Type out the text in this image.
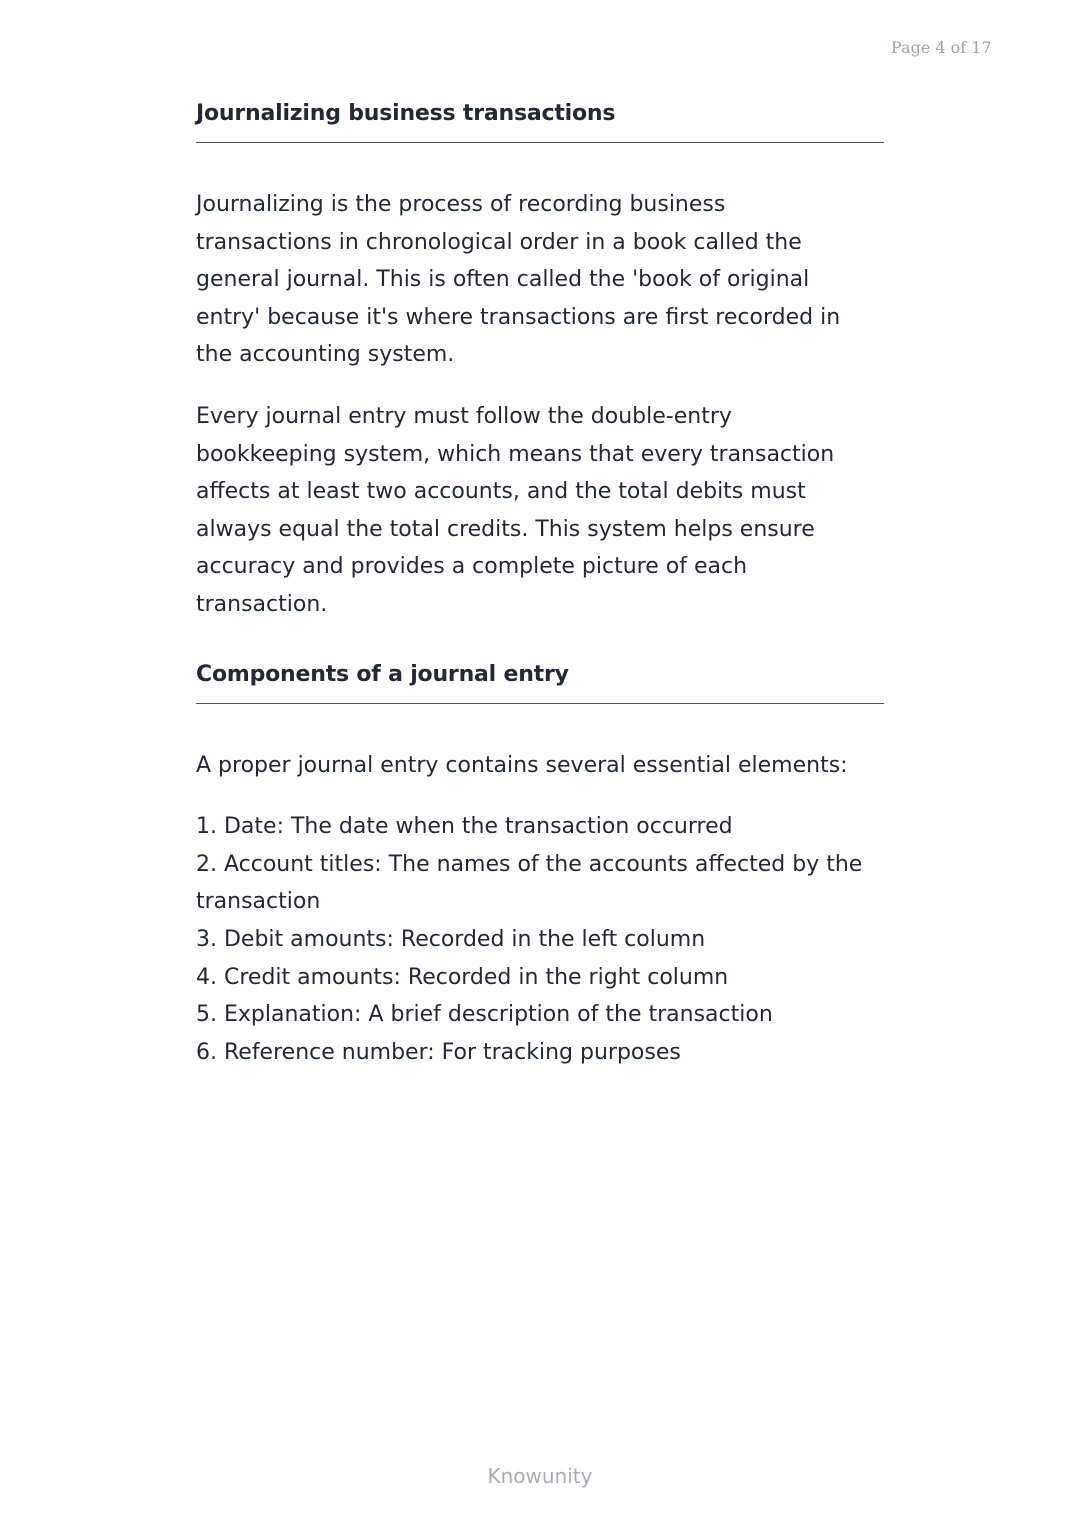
Page 4 of 17
Journalizing business transactions

Journalizing is the process of recording business
transactions in chronological order in a book called the
general journal. This is often called the 'book of original
entry' because it's where transactions are first recorded in
the accounting system.

Every journal entry must follow the double-entry
bookkeeping system, which means that every transaction
affects at least two accounts, and the total debits must
always equal the total credits. This system helps ensure
accuracy and provides a complete picture of each
transaction.

Components of a journal entry

A proper journal entry contains several essential elements:

1. Date: The date when the transaction occurred
2. Account titles: The names of the accounts affected by the
transaction
3. Debit amounts: Recorded in the left column
4. Credit amounts: Recorded in the right column
5. Explanation: A brief description of the transaction
6. Reference number: For tracking purposes
Knowunity
